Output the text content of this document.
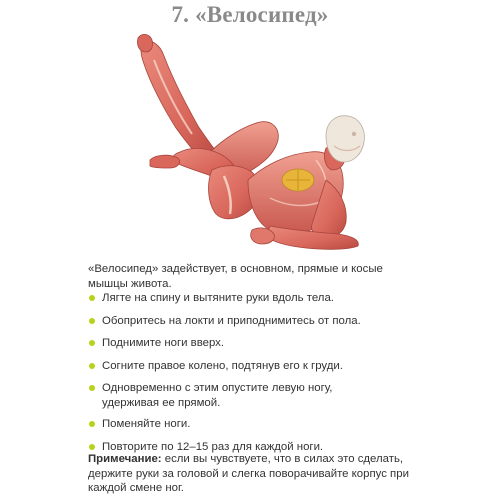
7. «Велосипед»
«Велосипед» задействует, в основном, прямые и косые мышцы живота.
Лягте на спину и вытяните руки вдоль тела.
Обопритесь на локти и приподнимитесь от пола.
Поднимите ноги вверх.
Согните правое колено, подтянув его к груди.
Одновременно с этим опустите левую ногу, удерживая ее прямой.
Поменяйте ноги.
Повторите по 12–15 раз для каждой ноги.
Примечание: если вы чувствуете, что в силах это сделать, держите руки за головой и слегка поворачивайте корпус при каждой смене ног.
